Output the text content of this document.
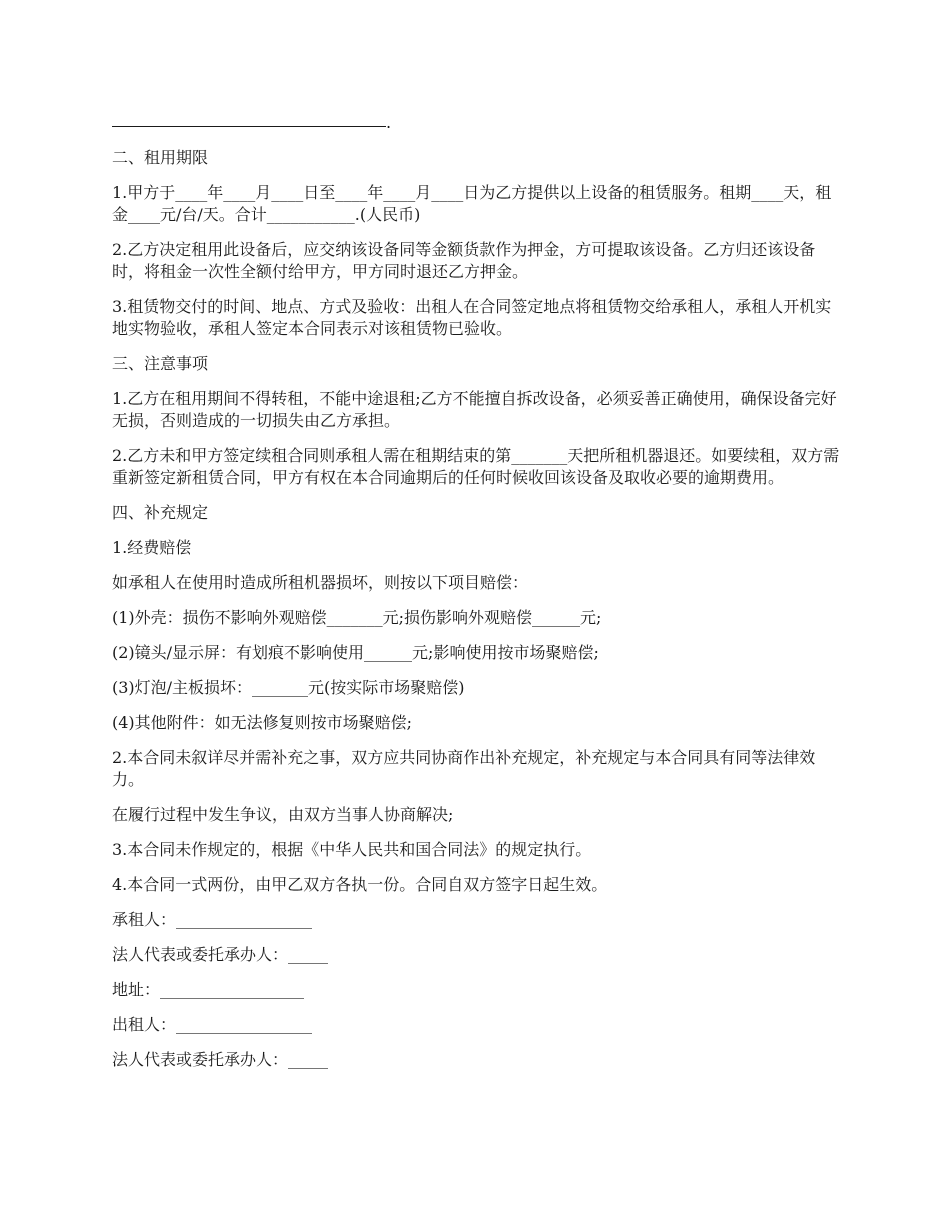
.

二、租用期限

1.甲方于____年____月____日至____年____月____日为乙方提供以上设备的租赁服务。租期____天，租金____元/台/天。合计___________.(人民币)

2.乙方决定租用此设备后，应交纳该设备同等金额货款作为押金，方可提取该设备。乙方归还该设备时，将租金一次性全额付给甲方，甲方同时退还乙方押金。

3.租赁物交付的时间、地点、方式及验收：出租人在合同签定地点将租赁物交给承租人，承租人开机实地实物验收，承租人签定本合同表示对该租赁物已验收。

三、注意事项

1.乙方在租用期间不得转租，不能中途退租;乙方不能擅自拆改设备，必须妥善正确使用，确保设备完好无损，否则造成的一切损失由乙方承担。

2.乙方未和甲方签定续租合同则承租人需在租期结束的第_______天把所租机器退还。如要续租，双方需重新签定新租赁合同，甲方有权在本合同逾期后的任何时候收回该设备及取收必要的逾期费用。

四、补充规定

1.经费赔偿

如承租人在使用时造成所租机器损坏，则按以下项目赔偿：

(1)外壳：损伤不影响外观赔偿_______元;损伤影响外观赔偿______元;

(2)镜头/显示屏：有划痕不影响使用______元;影响使用按市场聚赔偿;

(3)灯泡/主板损坏：_______元(按实际市场聚赔偿)

(4)其他附件：如无法修复则按市场聚赔偿;

2.本合同未叙详尽并需补充之事，双方应共同协商作出补充规定，补充规定与本合同具有同等法律效力。

在履行过程中发生争议，由双方当事人协商解决;

3.本合同未作规定的，根据《中华人民共和国合同法》的规定执行。

4.本合同一式两份，由甲乙双方各执一份。合同自双方签字日起生效。

承租人：_________________

法人代表或委托承办人：_____

地址：__________________

出租人：_________________

法人代表或委托承办人：_____
